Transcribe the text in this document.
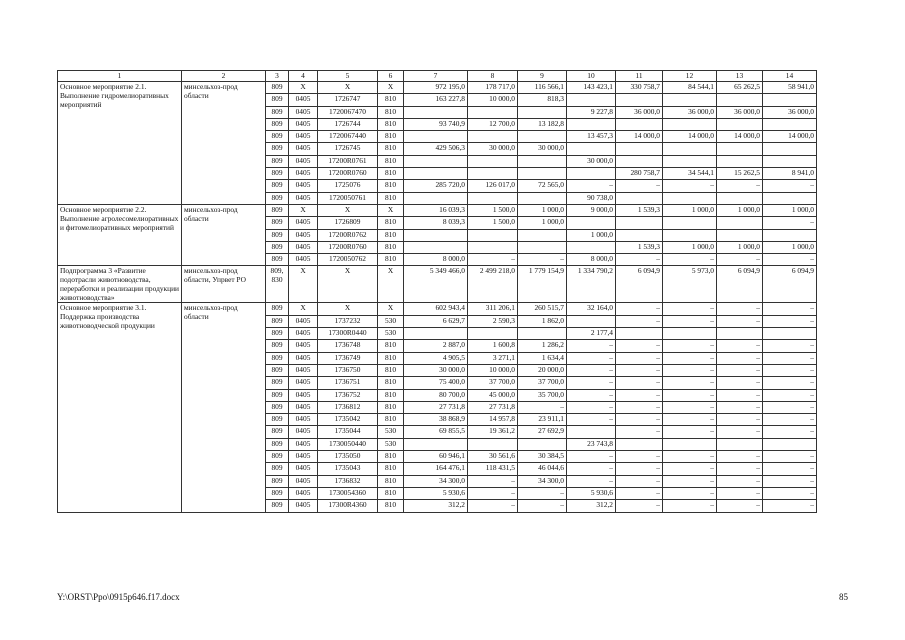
1	2	3	4	5	6	7	8	9	10	11	12	13	14
Основное мероприятие 2.1. Выполнение гидромелиоративных мероприятий	минсельхоз-прод области	809	X	X	X	972 195,0	178 717,0	116 566,1	143 423,1	330 758,7	84 544,1	65 262,5	58 941,0
		809	0405	1726747	810	163 227,8	10 000,0	818,3					
		809	0405	1720067470	810				9 227,8	36 000,0	36 000,0	36 000,0	36 000,0
		809	0405	1726744	810	93 740,9	12 700,0	13 182,8					
		809	0405	1720067440	810				13 457,3	14 000,0	14 000,0	14 000,0	14 000,0
		809	0405	1726745	810	429 506,3	30 000,0	30 000,0					
		809	0405	17200R0761	810				30 000,0				
		809	0405	17200R0760	810					280 758,7	34 544,1	15 262,5	8 941,0
		809	0405	1725076	810	285 720,0	126 017,0	72 565,0	–	–	–	–	–
		809	0405	1720050761	810				90 738,0				
Основное мероприятие 2.2. Выполнение агролесомелиоративных и фитомелиоративных мероприятий	минсельхоз-прод области	809	X	X	X	16 039,3	1 500,0	1 000,0	9 000,0	1 539,3	1 000,0	1 000,0	1 000,0
		809	0405	1726809	810	8 039,3	1 500,0	1 000,0					–
		809	0405	17200R0762	810				1 000,0				
		809	0405	17200R0760	810					1 539,3	1 000,0	1 000,0	1 000,0
		809	0405	1720050762	810	8 000,0	–	–	8 000,0	–	–	–	–
Подпрограмма 3 «Развитие подотрасли животноводства, переработки и реализации продукции животноводства»	минсельхоз-прод области, Упрвет РО	809, 830	X	X	X	5 349 466,0	2 499 218,0	1 779 154,9	1 334 790,2	6 094,9	5 973,0	6 094,9	6 094,9
Основное мероприятие 3.1. Поддержка производства животноводческой продукции	минсельхоз-прод области	809	X	X	X	602 943,4	311 206,1	260 515,7	32 164,0	–	–	–	–
		809	0405	1737232	530	6 629,7	2 590,3	1 862,0		–	–	–	–
		809	0405	17300R0440	530				2 177,4				
		809	0405	1736748	810	2 887,0	1 600,8	1 286,2	–	–	–	–	–
		809	0405	1736749	810	4 905,5	3 271,1	1 634,4	–	–	–	–	–
		809	0405	1736750	810	30 000,0	10 000,0	20 000,0	–	–	–	–	–
		809	0405	1736751	810	75 400,0	37 700,0	37 700,0	–	–	–	–	–
		809	0405	1736752	810	80 700,0	45 000,0	35 700,0	–	–	–	–	–
		809	0405	1736812	810	27 731,8	27 731,8	–	–	–	–	–	–
		809	0405	1735042	810	38 868,9	14 957,8	23 911,1	–	–	–	–	–
		809	0405	1735044	530	69 855,5	19 361,2	27 692,9		–	–	–	–
		809	0405	1730050440	530				23 743,8				
		809	0405	1735050	810	60 946,1	30 561,6	30 384,5	–	–	–	–	–
		809	0405	1735043	810	164 476,1	118 431,5	46 044,6	–	–	–	–	–
		809	0405	1736832	810	34 300,0	–	34 300,0	–	–	–	–	–
		809	0405	1730054360	810	5 930,6	–	–	5 930,6	–	–	–	–
		809	0405	17300R4360	810	312,2	–	–	312,2	–	–	–	–
Y:\ORST\Ppo\0915p646.f17.docx	85
